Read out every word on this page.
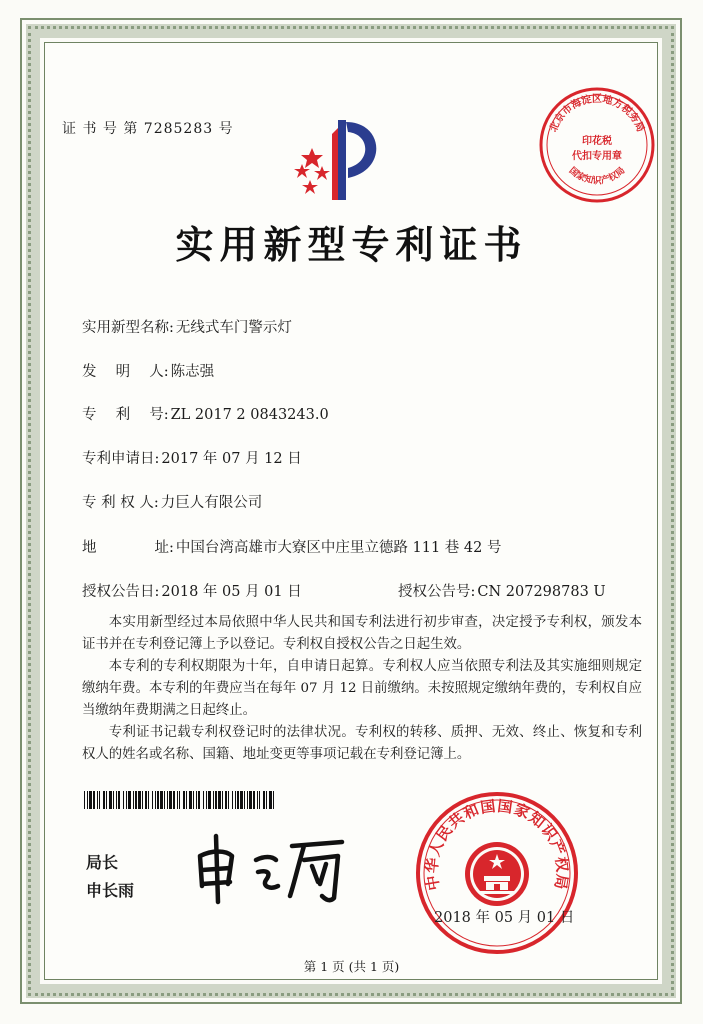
证 书 号 第 7285283 号	北京市海淀区地方税务局
印花税
代扣专用章
国家知识产权局
实用新型专利证书
实用新型名称: 无线式车门警示灯
发　 明　 人: 陈志强
专　 利　 号: ZL 2017 2 0843243.0
专利申请日: 2017 年 07 月 12 日
专 利 权 人: 力巨人有限公司
地　　　　址: 中国台湾高雄市大寮区中庄里立德路 111 巷 42 号
授权公告日: 2018 年 05 月 01 日	授权公告号: CN 207298783 U
本实用新型经过本局依照中华人民共和国专利法进行初步审查，决定授予专利权，颁发本证书并在专利登记簿上予以登记。专利权自授权公告之日起生效。
本专利的专利权期限为十年，自申请日起算。专利权人应当依照专利法及其实施细则规定缴纳年费。本专利的年费应当在每年 07 月 12 日前缴纳。未按照规定缴纳年费的，专利权自应当缴纳年费期满之日起终止。
专利证书记载专利权登记时的法律状况。专利权的转移、质押、无效、终止、恢复和专利权人的姓名或名称、国籍、地址变更等事项记载在专利登记簿上。
局长
申长雨	中华人民共和国国家知识产权局
2018 年 05 月 01 日
第 1 页 (共 1 页)
